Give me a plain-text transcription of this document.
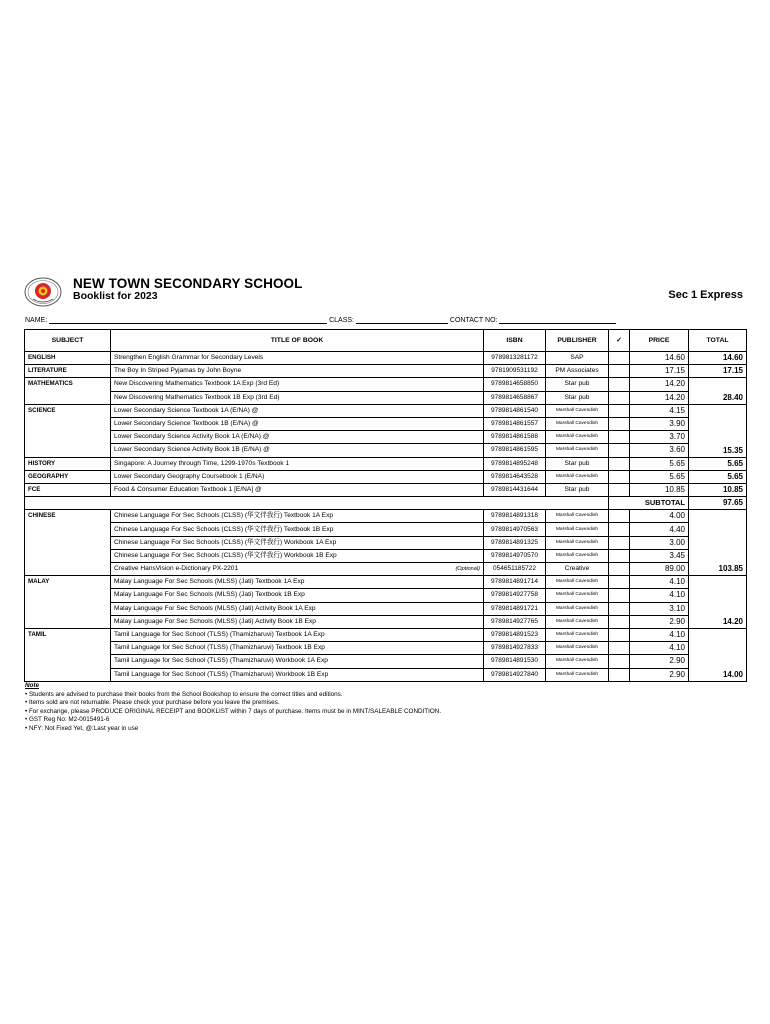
NEW TOWN SECONDARY SCHOOL
Booklist for 2023	Sec 1 Express
NAME:	CLASS:	CONTACT NO:
SUBJECT	TITLE OF BOOK	ISBN	PUBLISHER	✓	PRICE	TOTAL
ENGLISH	Strengthen English Grammar for Secondary Levels	9789813281172	SAP		14.60	14.60
LITERATURE	The Boy In Striped Pyjamas by John Boyne	9781909531192	PM Associates		17.15	17.15
MATHEMATICS	New Discovering Mathematics Textbook 1A Exp (3rd Ed)	9789814658850	Star pub		14.20	28.40
	New Discovering Mathematics Textbook 1B Exp (3rd Ed)	9789814658867	Star pub		14.20	
SCIENCE	Lower Secondary Science Textbook 1A (E/NA) @	9789814861540	Marshall Cavendish		4.15	15.35
	Lower Secondary Science Textbook 1B (E/NA) @	9789814861557	Marshall Cavendish		3.90	
	Lower Secondary Science Activity Book 1A (E/NA) @	9789814861588	Marshall Cavendish		3.70	
	Lower Secondary Science Activity Book 1B (E/NA) @	9789814861595	Marshall Cavendish		3.60	
HISTORY	Singapore: A Journey through Time, 1299-1970s Textbook 1	9789814895248	Star pub		5.65	5.65
GEOGRAPHY	Lower Secondary Geography Coursebook 1 (E/NA)	9789814643528	Marshall Cavendish		5.65	5.65
FCE	Food & Consumer Education Textbook 1 [E/NA] @	9789814431644	Star pub		10.85	10.85
				SUBTOTAL		97.65
CHINESE	Chinese Language For Sec Schools (CLSS) (华文伴我行) Textbook 1A Exp	9789814891318	Marshall Cavendish		4.00	103.85
	Chinese Language For Sec Schools (CLSS) (华文伴我行) Textbook 1B Exp	9789814970563	Marshall Cavendish		4.40	
	Chinese Language For Sec Schools (CLSS) (华文伴我行) Workbook 1A Exp	9789814891325	Marshall Cavendish		3.00	
	Chinese Language For Sec Schools (CLSS) (华文伴我行) Workbook 1B Exp	9789814970570	Marshall Cavendish		3.45	
	Creative HansVision e-Dictionary PX-2201 (Optional)	054651185722	Creative		89.00	
MALAY	Malay Language For Sec Schools (MLSS) (Jati) Textbook 1A Exp	9789814891714	Marshall Cavendish		4.10	14.20
	Malay Language For Sec Schools (MLSS) (Jati) Textbook 1B Exp	9789814927758	Marshall Cavendish		4.10	
	Malay Language For Sec Schools (MLSS) (Jati) Activity Book 1A Exp	9789814891721	Marshall Cavendish		3.10	
	Malay Language For Sec Schools (MLSS) (Jati) Activity Book 1B Exp	9789814927765	Marshall Cavendish		2.90	
TAMIL	Tamil Language for Sec School (TLSS) (Thamizharuvi) Textbook 1A Exp	9789814891523	Marshall Cavendish		4.10	14.00
	Tamil Language for Sec School (TLSS) (Thamizharuvi) Textbook 1B Exp	9789814927833	Marshall Cavendish		4.10	
	Tamil Language for Sec School (TLSS) (Thamizharuvi) Workbook 1A Exp	9789814891530	Marshall Cavendish		2.90	
	Tamil Language for Sec School (TLSS) (Thamizharuvi) Workbook 1B Exp	9789814927840	Marshall Cavendish		2.90	
Note
• Students are advised to purchase their books from the School Bookshop to ensure the correct titles and editions.
• Items sold are not returnable. Please check your purchase before you leave the premises.
• For exchange, please PRODUCE ORIGINAL RECEIPT and BOOKLIST within 7 days of purchase. Items must be in MINT/SALEABLE CONDITION.
• GST Reg No: M2-0015491-6
• NFY: Not Fixed Yet, @:Last year in use
